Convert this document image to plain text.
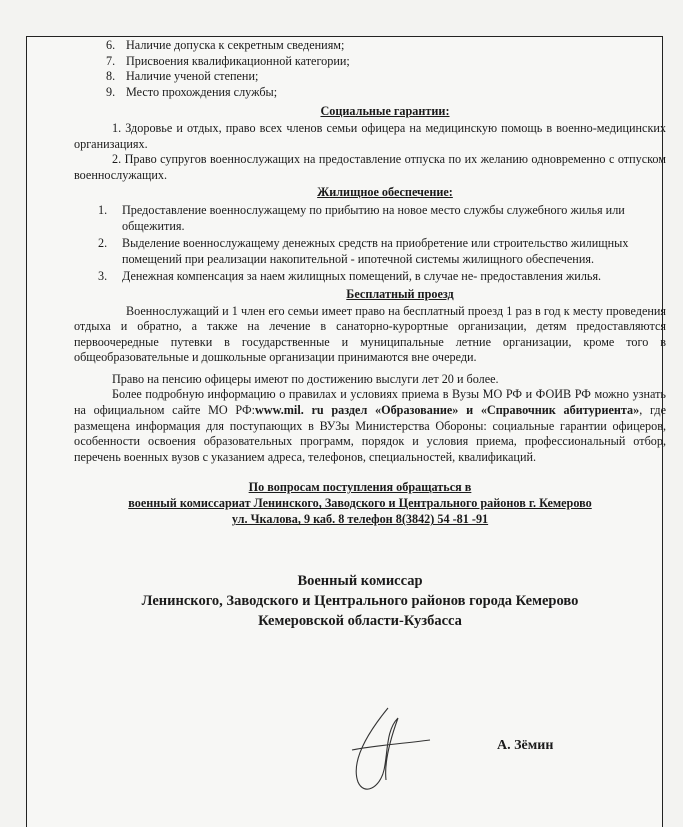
6. Наличие допуска к секретным сведениям;
7. Присвоения квалификационной категории;
8. Наличие ученой степени;
9. Место прохождения службы;
Социальные гарантии:

1. Здоровье и отдых, право всех членов семьи офицера на медицинскую помощь в военно-медицинских организациях.

2. Право супругов военнослужащих на предоставление отпуска по их желанию одновременно с отпуском военнослужащих.

Жилищное обеспечение:
1. Предоставление военнослужащему по прибытию на новое место службы служебного жилья или общежития.
2. Выделение военнослужащему денежных средств на приобретение или строительство жилищных помещений при реализации накопительной - ипотечной системы жилищного обеспечения.
3. Денежная компенсация за наем жилищных помещений, в случае не- предоставления жилья.
Бесплатный проезд

Военнослужащий и 1 член его семьи имеет право на бесплатный проезд 1 раз в год к месту проведения отдыха и обратно, а также на лечение в санаторно-курортные организации, детям предоставляются первоочередные путевки в государственные и муниципальные летние организации, кроме того в общеобразовательные и дошкольные организации принимаются вне очереди.

Право на пенсию офицеры имеют по достижению выслуги лет 20 и более.

Более подробную информацию о правилах и условиях приема в Вузы МО РФ и ФОИВ РФ можно узнать на официальном сайте МО РФ:www.mil. ru раздел «Образование» и «Справочник абитуриента», где размещена информация для поступающих в ВУЗы Министерства Обороны: социальные гарантии офицеров, особенности освоения образовательных программ, порядок и условия приема, профессиональный отбор, перечень военных вузов с указанием адреса, телефонов, специальностей, квалификаций.

По вопросам поступления обращаться в
военный комиссариат Ленинского, Заводского и Центрального районов г. Кемерово
ул. Чкалова, 9 каб. 8 телефон 8(3842) 54 -81 -91
Военный комиссар
Ленинского, Заводского и Центрального районов города Кемерово
Кемеровской области-Кузбасса
А. Зёмин
